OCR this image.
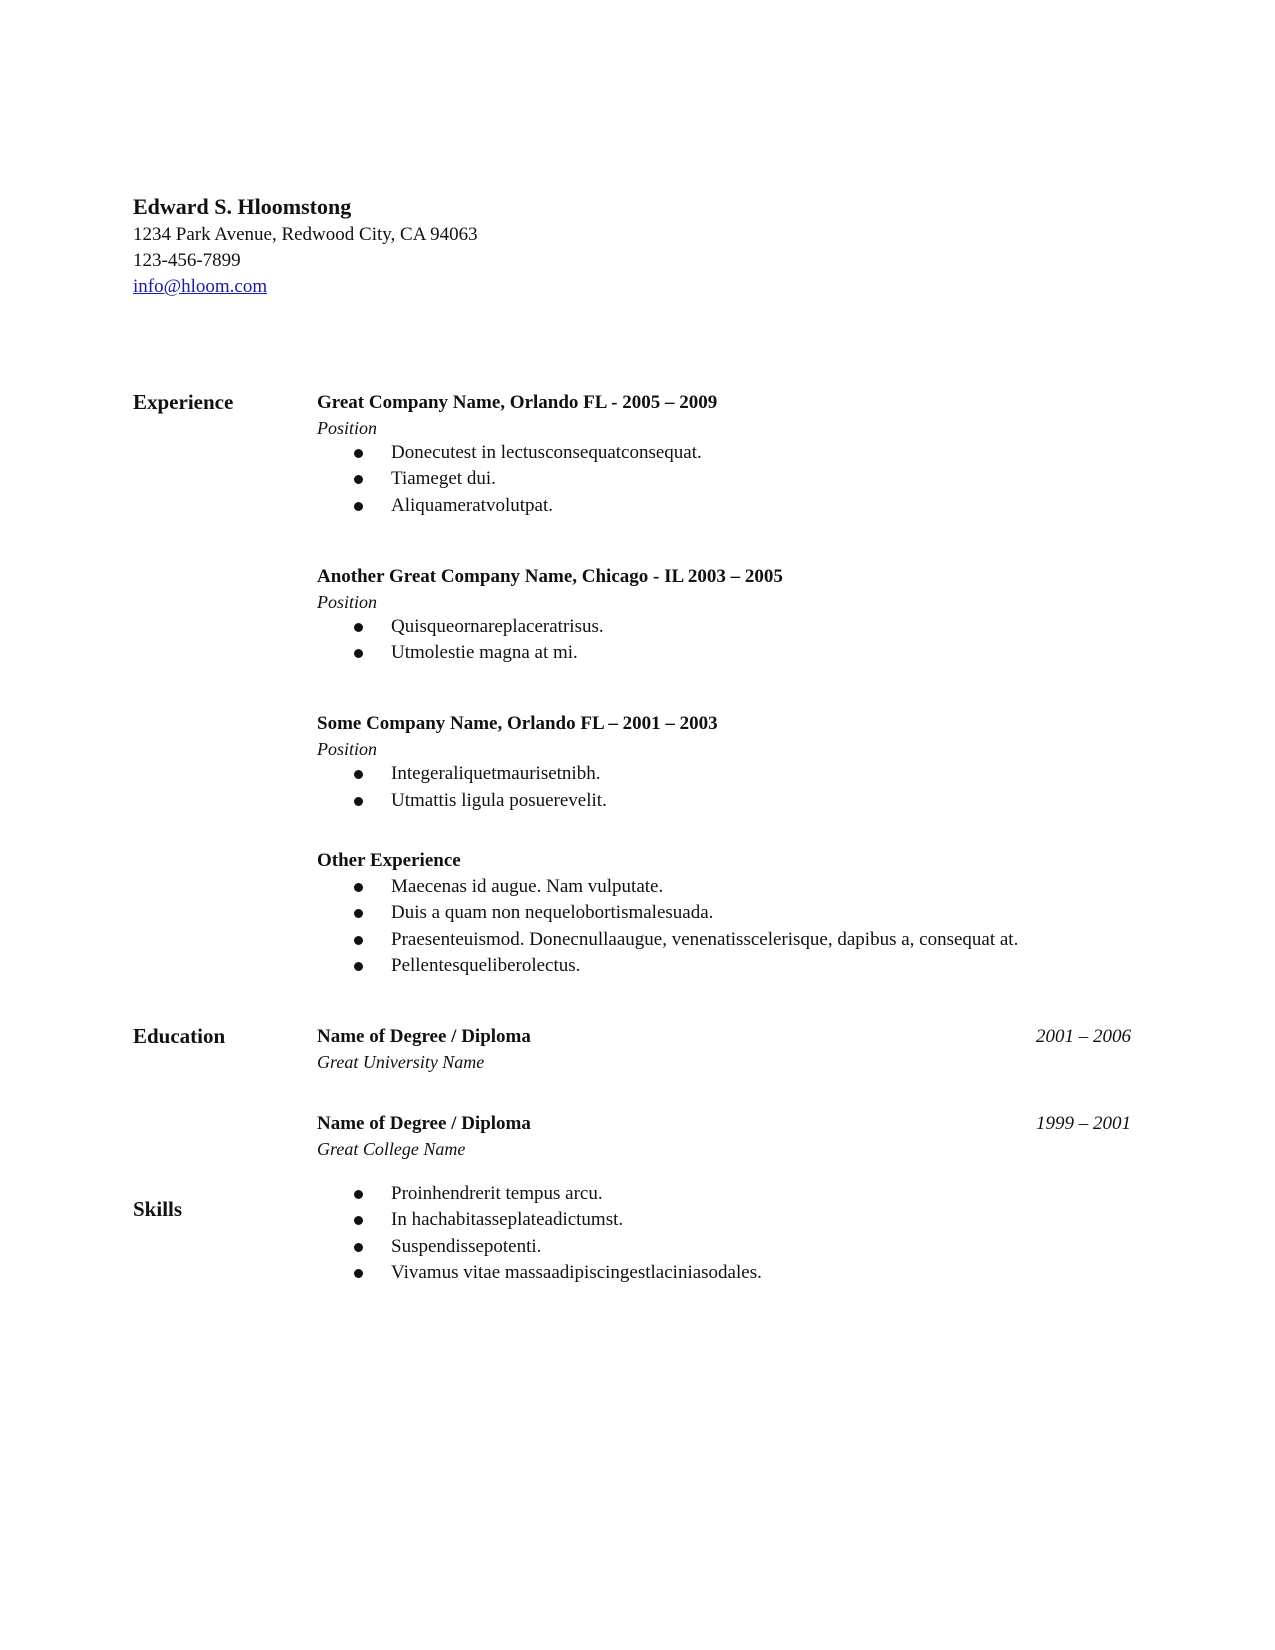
Edward S. Hloomstong
1234 Park Avenue, Redwood City, CA 94063
123-456-7899
info@hloom.com
Experience	Great Company Name, Orlando FL - 2005 – 2009
Position
Donecutest in lectusconsequatconsequat.
Tiameget dui.
Aliquameratvolutpat.
Another Great Company Name, Chicago - IL 2003 – 2005
Position
Quisqueornareplaceratrisus.
Utmolestie magna at mi.
Some Company Name, Orlando FL – 2001 – 2003
Position
Integeraliquetmaurisetnibh.
Utmattis ligula posuerevelit.
Other Experience
Maecenas id augue. Nam vulputate.
Duis a quam non nequelobortismalesuada.
Praesenteuismod. Donecnullaaugue, venenatisscelerisque, dapibus a, consequat at.
Pellentesqueliberolectus.
Education	Name of Degree / Diploma
Great University Name
2001 – 2006
Name of Degree / Diploma
Great College Name
1999 – 2001
Skills
Proinhendrerit tempus arcu.
In hachabitasseplateadictumst.
Suspendissepotenti.
Vivamus vitae massaadipiscingestlaciniasodales.
